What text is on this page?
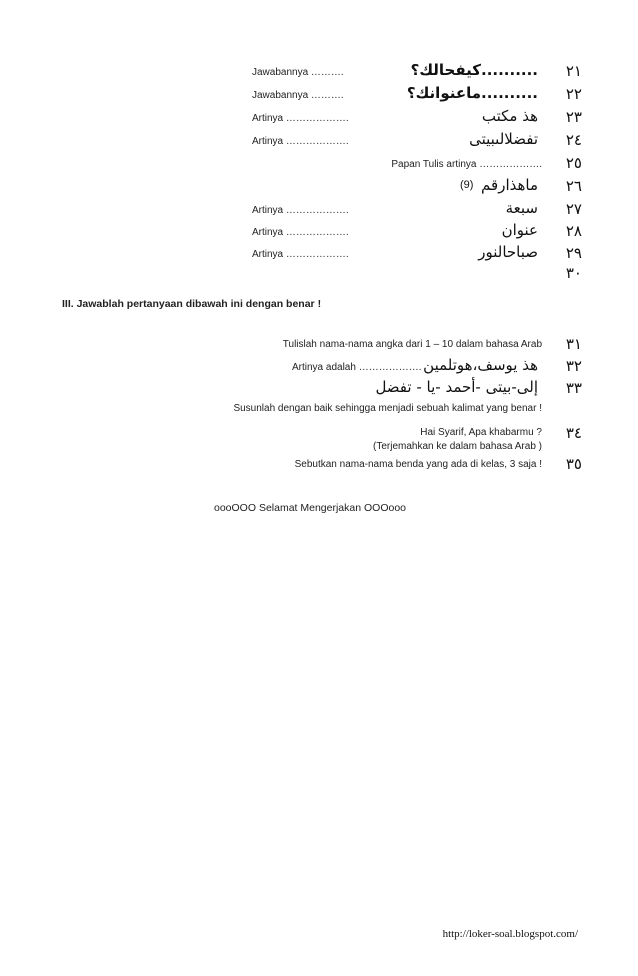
٢١
..........كيفحالك؟
Jawabannya ……….
٢٢
..........ماعنوانك؟
Jawabannya ……….
٢٣
هذ مكتب
Artinya ……………….
٢٤
تفضلالىبيتى
Artinya ……………….
٢٥
Papan Tulis artinya ……………….
٢٦
ماهذارقم
(9)
٢٧
سبعة
Artinya ……………….
٢٨
عنوان
Artinya ……………….
٢٩
صباحالنور
Artinya ……………….
٣٠
III. Jawablah pertanyaan dibawah ini dengan benar !
٣١
Tulislah nama-nama angka dari 1 – 10 dalam bahasa Arab
٣٢
هذ يوسف،هوتلمين
Artinya adalah ……………….
٣٣
إلى-بيتى -أحمد -يا - تفضل
Susunlah dengan baik sehingga menjadi sebuah kalimat yang benar !
٣٤
Hai Syarif, Apa khabarmu ?
(Terjemahkan ke dalam bahasa Arab )
٣٥
Sebutkan nama-nama benda yang ada di kelas, 3 saja !
oooOOO Selamat Mengerjakan OOOooo
http://loker-soal.blogspot.com/
